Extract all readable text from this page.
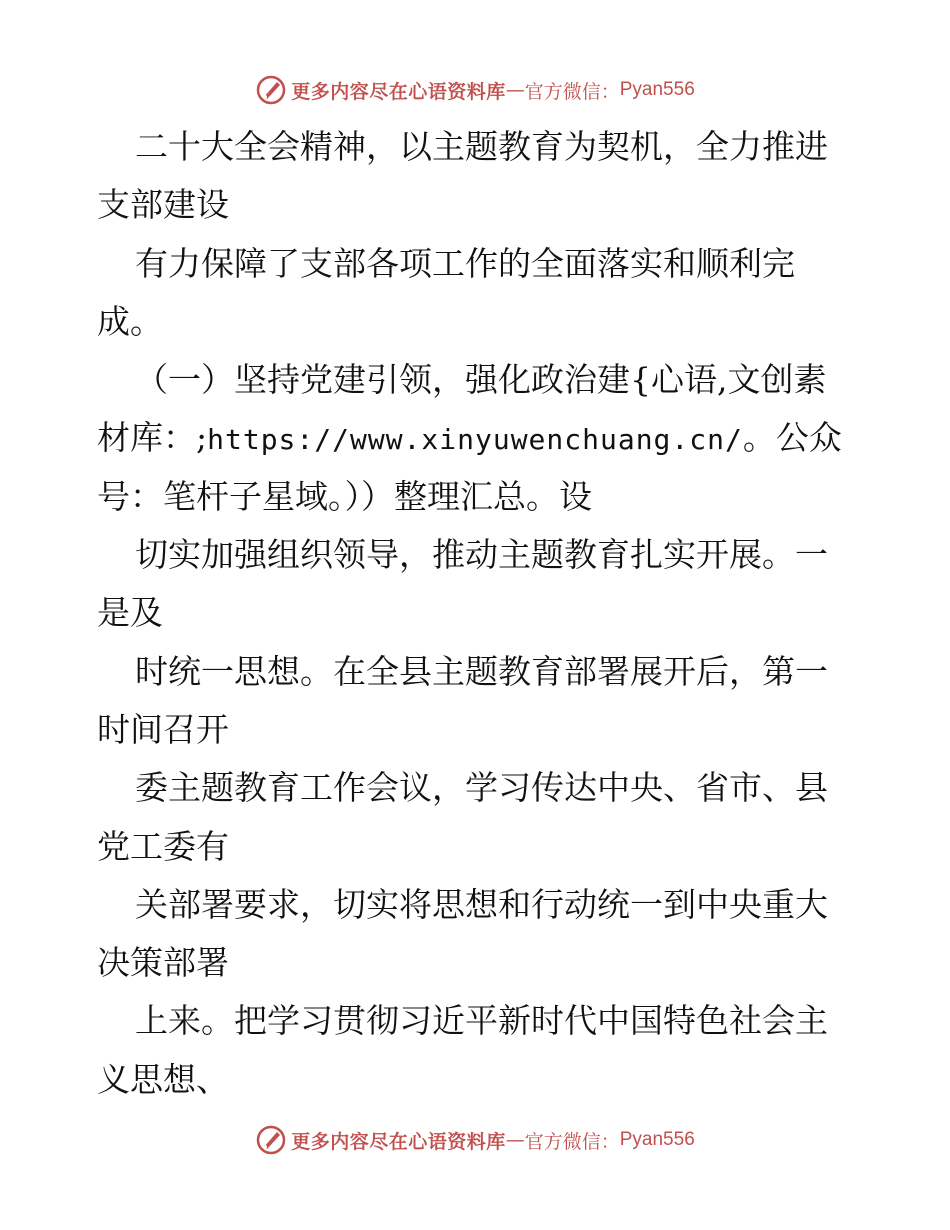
更多内容尽在心语资料库 — 官方微信： Pyan556
二十大全会精神，以主题教育为契机，全力推进
支部建设
有力保障了支部各项工作的全面落实和顺利完
成。
（一）坚持党建引领，强化政治建{心语,文创素
材库：;https://www.xinyuwenchuang.cn/。公众
号：笔杆子星域。））整理汇总。设
切实加强组织领导，推动主题教育扎实开展。一
是及
时统一思想。在全县主题教育部署展开后，第一
时间召开
委主题教育工作会议，学习传达中央、省市、县
党工委有
关部署要求，切实将思想和行动统一到中央重大
决策部署
上来。把学习贯彻习近平新时代中国特色社会主
义思想、
更多内容尽在心语资料库 — 官方微信： Pyan556
